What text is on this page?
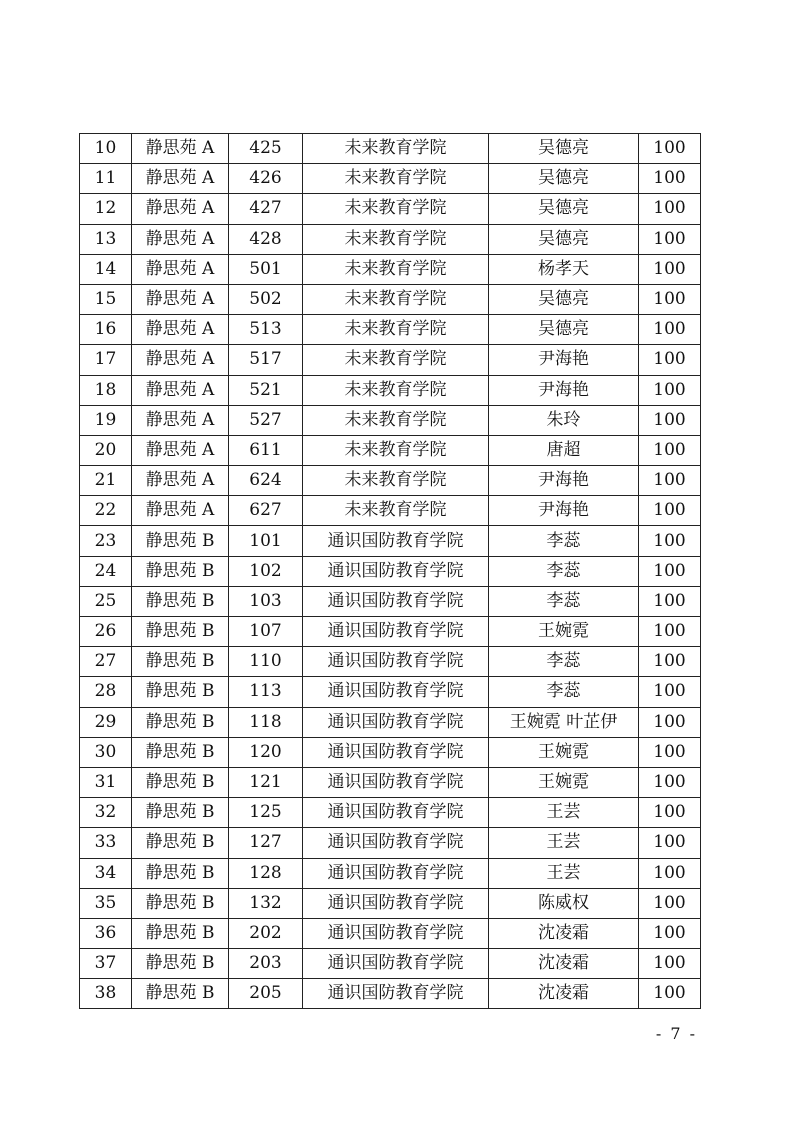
10	静思苑 A	425	未来教育学院	吴德亮	100
11	静思苑 A	426	未来教育学院	吴德亮	100
12	静思苑 A	427	未来教育学院	吴德亮	100
13	静思苑 A	428	未来教育学院	吴德亮	100
14	静思苑 A	501	未来教育学院	杨孝天	100
15	静思苑 A	502	未来教育学院	吴德亮	100
16	静思苑 A	513	未来教育学院	吴德亮	100
17	静思苑 A	517	未来教育学院	尹海艳	100
18	静思苑 A	521	未来教育学院	尹海艳	100
19	静思苑 A	527	未来教育学院	朱玲	100
20	静思苑 A	611	未来教育学院	唐超	100
21	静思苑 A	624	未来教育学院	尹海艳	100
22	静思苑 A	627	未来教育学院	尹海艳	100
23	静思苑 B	101	通识国防教育学院	李蕊	100
24	静思苑 B	102	通识国防教育学院	李蕊	100
25	静思苑 B	103	通识国防教育学院	李蕊	100
26	静思苑 B	107	通识国防教育学院	王婉霓	100
27	静思苑 B	110	通识国防教育学院	李蕊	100
28	静思苑 B	113	通识国防教育学院	李蕊	100
29	静思苑 B	118	通识国防教育学院	王婉霓 叶芷伊	100
30	静思苑 B	120	通识国防教育学院	王婉霓	100
31	静思苑 B	121	通识国防教育学院	王婉霓	100
32	静思苑 B	125	通识国防教育学院	王芸	100
33	静思苑 B	127	通识国防教育学院	王芸	100
34	静思苑 B	128	通识国防教育学院	王芸	100
35	静思苑 B	132	通识国防教育学院	陈威权	100
36	静思苑 B	202	通识国防教育学院	沈凌霜	100
37	静思苑 B	203	通识国防教育学院	沈凌霜	100
38	静思苑 B	205	通识国防教育学院	沈凌霜	100
- 7 -
